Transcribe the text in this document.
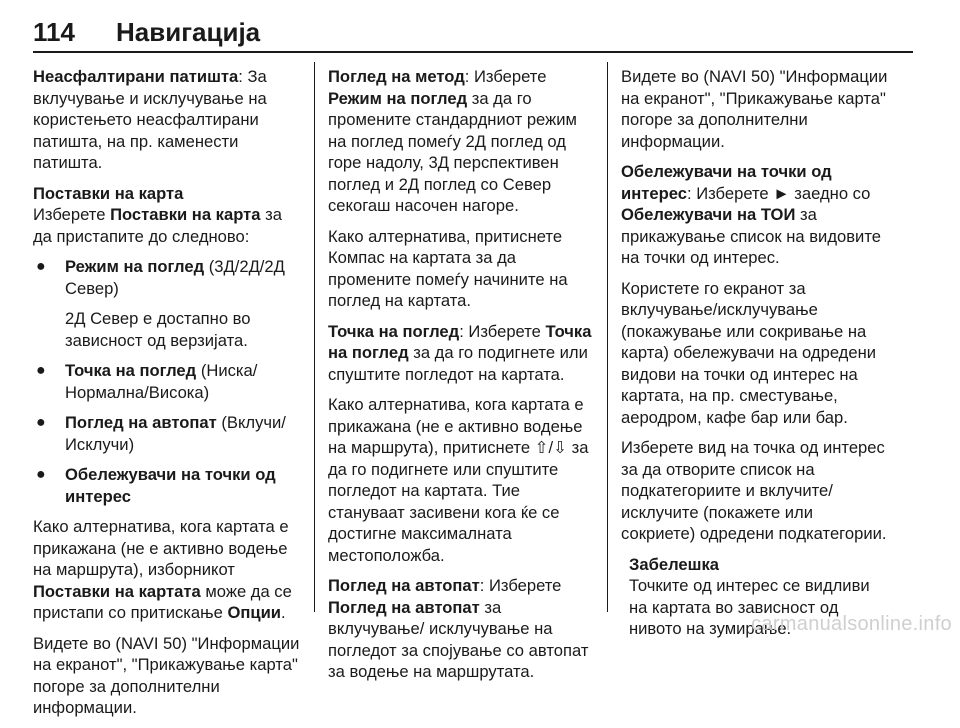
114 Навигација

Неасфалтирани патишта: За вклучување и исклучување на користењето неасфалтирани патишта, на пр. каменести патишта.

Поставки на карта
Изберете Поставки на карта за да пристапите до следново:
● Режим на поглед (3Д/2Д/2Д Север)
2Д Север е достапно во зависност од верзијата.
● Точка на поглед (Ниска/ Нормална/Висока)
● Поглед на автопат (Вклучи/ Исклучи)
● Обележувачи на точки од интерес

Како алтернатива, кога картата е прикажана (не е активно водење на маршрута), изборникот Поставки на картата може да се пристапи со притискање Опции.

Видете во (NAVI 50) "Информации на екранот", "Прикажување карта" погоре за дополнителни информации.

Поглед на метод: Изберете Режим на поглед за да го промените стандардниот режим на поглед помеѓу 2Д поглед од горе надолу, 3Д перспективен поглед и 2Д поглед со Север секогаш насочен нагоре.

Како алтернатива, притиснете Компас на картата за да промените помеѓу начините на поглед на картата.

Точка на поглед: Изберете Точка на поглед за да го подигнете или спуштите погледот на картата.

Како алтернатива, кога картата е прикажана (не е активно водење на маршрута), притиснете ⇧/⇩ за да го подигнете или спуштите погледот на картата. Тие стануваат засивени кога ќе се достигне максималната местоположба.

Поглед на автопат: Изберете Поглед на автопат за вклучување/ исклучување на погледот за спојување со автопат за водење на маршрутата.

Видете во (NAVI 50) "Информации на екранот", "Прикажување карта" погоре за дополнителни информации.

Обележувачи на точки од интерес: Изберете ► заедно со Обележувачи на ТОИ за прикажување список на видовите на точки од интерес.

Користете го екранот за вклучување/исклучување (покажување или сокривање на карта) обележувачи на одредени видови на точки од интерес на картата, на пр. сместување, аеродром, кафе бар или бар.

Изберете вид на точка од интерес за да отворите список на подкатегориите и вклучите/ исклучите (покажете или сокриете) одредени подкатегории.

Забелешка
Точките од интерес се видливи на картата во зависност од нивото на зумирање.
carmanualsonline.info
